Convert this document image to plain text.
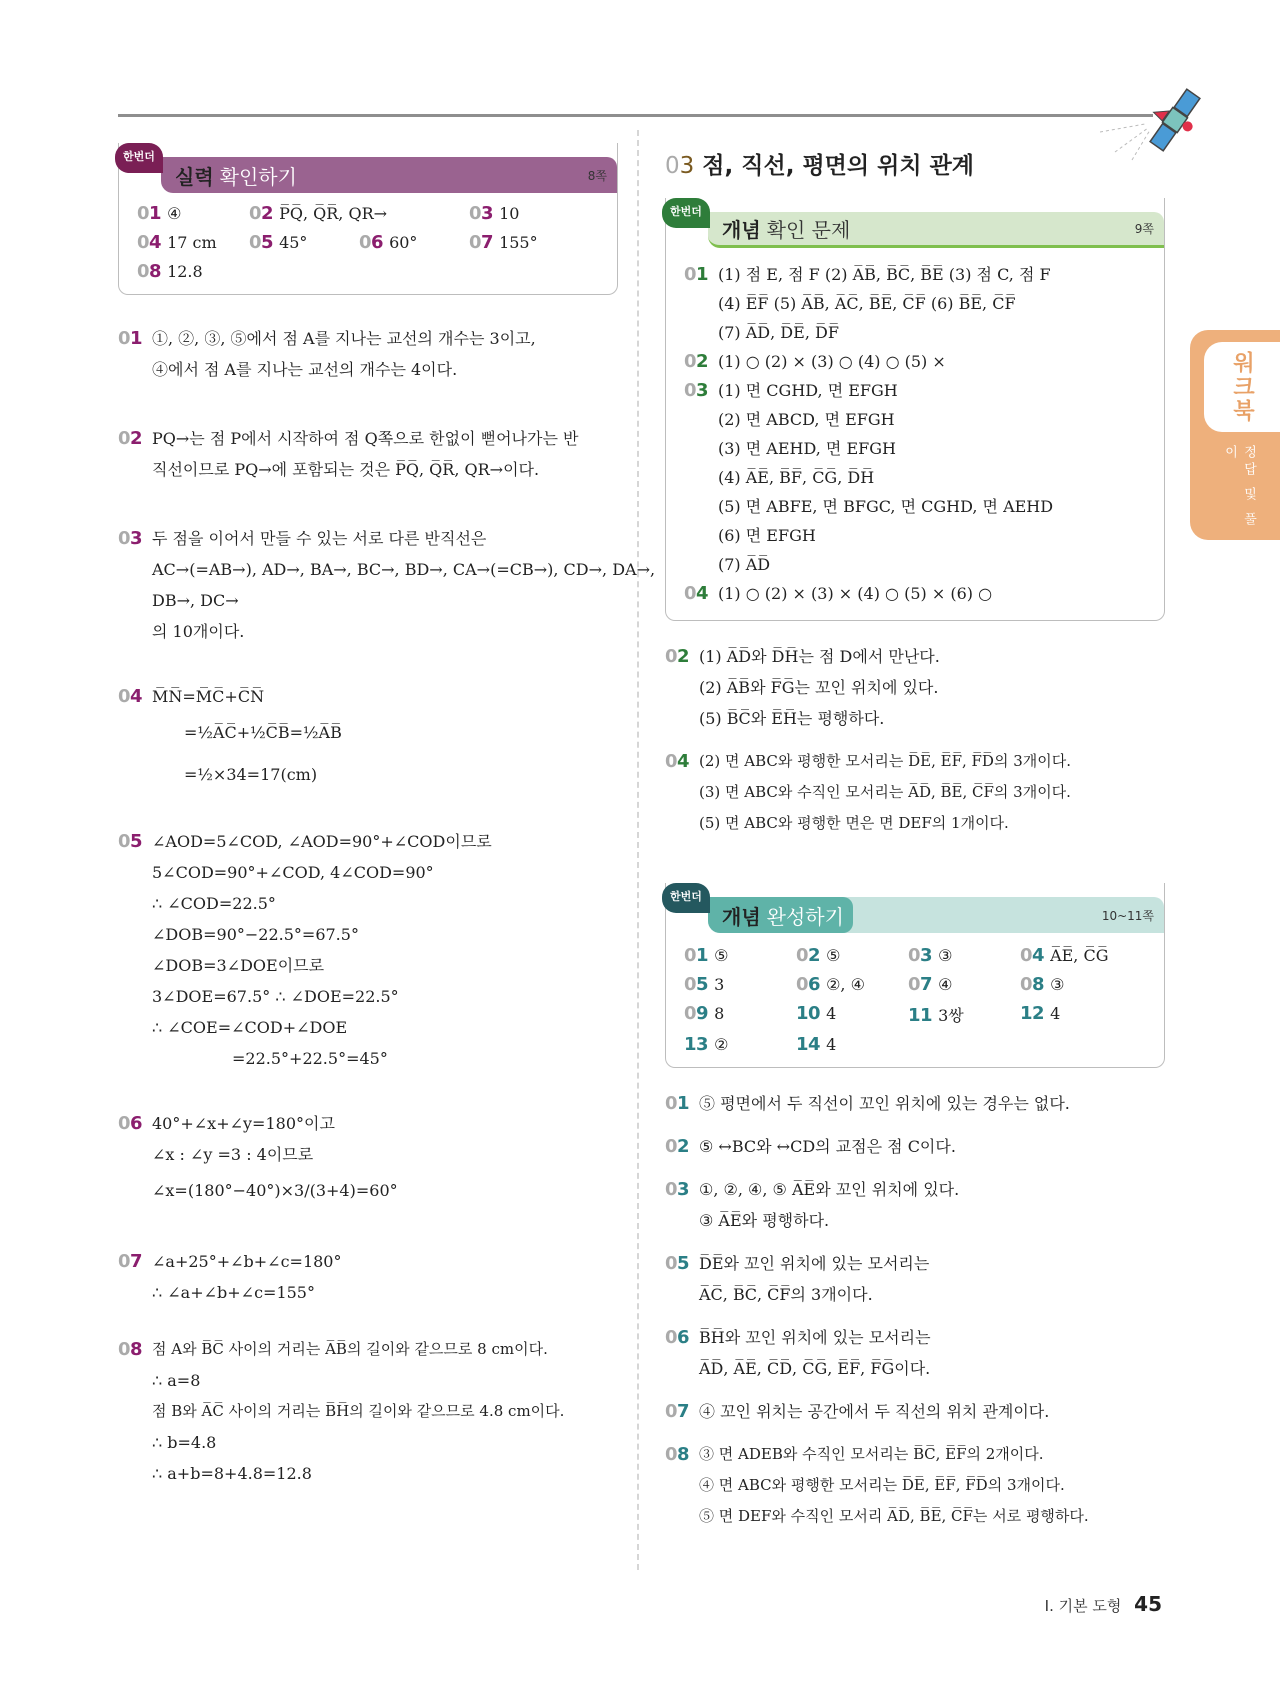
워크북
정답 및 풀이
한번더
실력 확인하기	8쪽
01 ④	02 P̅Q̅, Q̅R̅, QR→	03 10
04 17 cm	05 45°	06 60°	07 155°
08 12.8
01 ①, ②, ③, ⑤에서 점 A를 지나는 교선의 개수는 3이고,
④에서 점 A를 지나는 교선의 개수는 4이다.
02 PQ→는 점 P에서 시작하여 점 Q쪽으로 한없이 뻗어나가는 반
직선이므로 PQ→에 포함되는 것은 P̅Q̅, Q̅R̅, QR→이다.
03 두 점을 이어서 만들 수 있는 서로 다른 반직선은
AC→(=AB→), AD→, BA→, BC→, BD→, CA→(=CB→), CD→, DA→,
DB→, DC→
의 10개이다.
04 M̅N̅=M̅C̅+C̅N̅
=½A̅C̅+½C̅B̅=½A̅B̅
=½×34=17(cm)
05 ∠AOD=5∠COD, ∠AOD=90°+∠COD이므로
5∠COD=90°+∠COD, 4∠COD=90°
∴ ∠COD=22.5°
∠DOB=90°−22.5°=67.5°
∠DOB=3∠DOE이므로
3∠DOE=67.5° ∴ ∠DOE=22.5°
∴ ∠COE=∠COD+∠DOE
=22.5°+22.5°=45°
06 40°+∠x+∠y=180°이고
∠x : ∠y =3 : 4이므로
∠x=(180°−40°)×3/(3+4)=60°
07 ∠a+25°+∠b+∠c=180°
∴ ∠a+∠b+∠c=155°
08 점 A와 B̅C̅ 사이의 거리는 A̅B̅의 길이와 같으므로 8 cm이다.
∴ a=8
점 B와 A̅C̅ 사이의 거리는 B̅H̅의 길이와 같으므로 4.8 cm이다.
∴ b=4.8
∴ a+b=8+4.8=12.8
03 점, 직선, 평면의 위치 관계
한번더
개념 확인 문제	9쪽
01 (1) 점 E, 점 F (2) A̅B̅, B̅C̅, B̅E̅ (3) 점 C, 점 F
(4) E̅F̅ (5) A̅B̅, A̅C̅, B̅E̅, C̅F̅ (6) B̅E̅, C̅F̅
(7) A̅D̅, D̅E̅, D̅F̅
02 (1) ○ (2) × (3) ○ (4) ○ (5) ×
03 (1) 면 CGHD, 면 EFGH
(2) 면 ABCD, 면 EFGH
(3) 면 AEHD, 면 EFGH
(4) A̅E̅, B̅F̅, C̅G̅, D̅H̅
(5) 면 ABFE, 면 BFGC, 면 CGHD, 면 AEHD
(6) 면 EFGH
(7) A̅D̅
04 (1) ○ (2) × (3) × (4) ○ (5) × (6) ○
02 (1) A̅D̅와 D̅H̅는 점 D에서 만난다.
(2) A̅B̅와 F̅G̅는 꼬인 위치에 있다.
(5) B̅C̅와 E̅H̅는 평행하다.
04 (2) 면 ABC와 평행한 모서리는 D̅E̅, E̅F̅, F̅D̅의 3개이다.
(3) 면 ABC와 수직인 모서리는 A̅D̅, B̅E̅, C̅F̅의 3개이다.
(5) 면 ABC와 평행한 면은 면 DEF의 1개이다.
한번더
개념 완성하기	10~11쪽
01 ⑤	02 ⑤	03 ③	04 A̅E̅, C̅G̅
05 3	06 ②, ④	07 ④	08 ③
09 8	10 4	11 3쌍	12 4
13 ②	14 4
01 ⑤ 평면에서 두 직선이 꼬인 위치에 있는 경우는 없다.
02 ⑤ ↔BC와 ↔CD의 교점은 점 C이다.
03 ①, ②, ④, ⑤ A̅E̅와 꼬인 위치에 있다.
③ A̅E̅와 평행하다.
05 D̅E̅와 꼬인 위치에 있는 모서리는
A̅C̅, B̅C̅, C̅F̅의 3개이다.
06 B̅H̅와 꼬인 위치에 있는 모서리는
A̅D̅, A̅E̅, C̅D̅, C̅G̅, E̅F̅, F̅G̅이다.
07 ④ 꼬인 위치는 공간에서 두 직선의 위치 관계이다.
08 ③ 면 ADEB와 수직인 모서리는 B̅C̅, E̅F̅의 2개이다.
④ 면 ABC와 평행한 모서리는 D̅E̅, E̅F̅, F̅D̅의 3개이다.
⑤ 면 DEF와 수직인 모서리 A̅D̅, B̅E̅, C̅F̅는 서로 평행하다.
Ⅰ. 기본 도형 45
